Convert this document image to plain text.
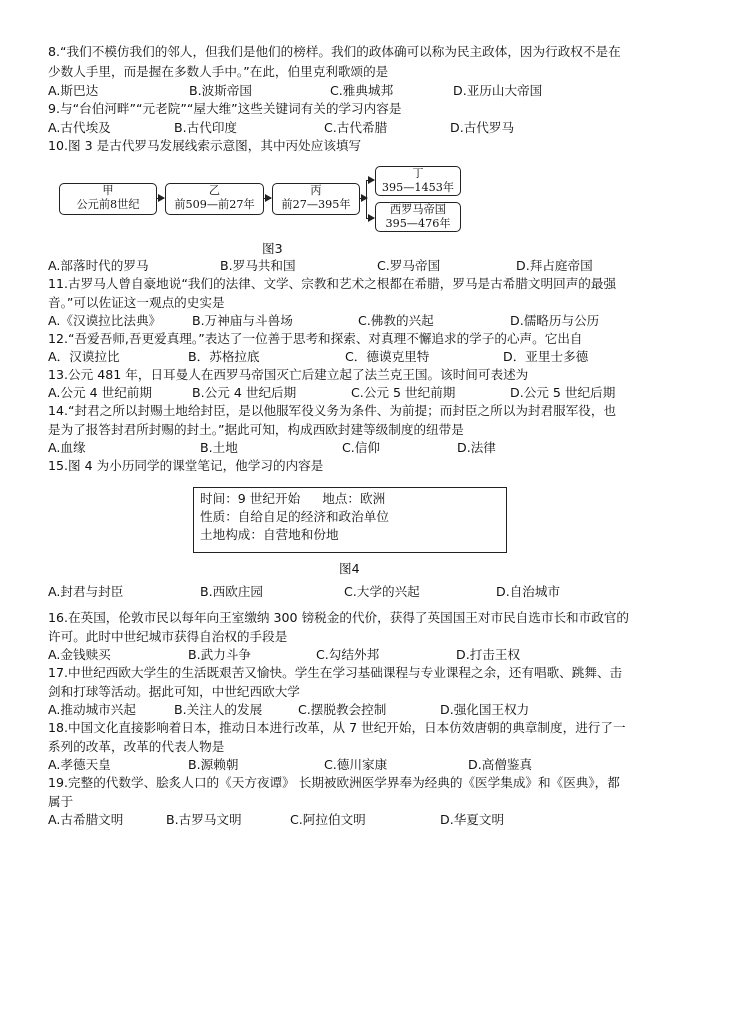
8.“我们不模仿我们的邻人，但我们是他们的榜样。我们的政体确可以称为民主政体，因为行政权不是在
少数人手里，而是握在多数人手中。”在此，伯里克利歌颂的是
A.斯巴达	B.波斯帝国	C.雅典城邦	D.亚历山大帝国
9.与“台伯河畔”“元老院”“屋大维”这些关键词有关的学习内容是
A.古代埃及	B.古代印度	C.古代希腊	D.古代罗马
10.图 3 是古代罗马发展线索示意图，其中丙处应该填写
甲
公元前8世纪
乙
前509—前27年
丙
前27—395年
丁
395—1453年
西罗马帝国
395—476年
图3
A.部落时代的罗马	B.罗马共和国	C.罗马帝国	D.拜占庭帝国
11.古罗马人曾自豪地说“我们的法律、文学、宗教和艺术之根都在希腊，罗马是古希腊文明回声的最强
音。”可以佐证这一观点的史实是
A.《汉谟拉比法典》 B.万神庙与斗兽场	C.佛教的兴起	D.儒略历与公历
12.“吾爱吾师,吾更爱真理。”表达了一位善于思考和探索、对真理不懈追求的学子的心声。它出自
A．汉谟拉比	B．苏格拉底	C．德谟克里特	D．亚里士多德
13.公元 481 年，日耳曼人在西罗马帝国灭亡后建立起了法兰克王国。该时间可表述为
A.公元 4 世纪前期	B.公元 4 世纪后期	C.公元 5 世纪前期	D.公元 5 世纪后期
14.“封君之所以封赐土地给封臣，是以他服军役义务为条件、为前提；而封臣之所以为封君服军役，也
是为了报答封君所封赐的封土。”据此可知，构成西欧封建等级制度的纽带是
A.血缘	B.土地	C.信仰	D.法律
15.图 4 为小历同学的课堂笔记，他学习的内容是
时间：9 世纪开始 地点：欧洲
性质：自给自足的经济和政治单位
土地构成：自营地和份地
图4
A.封君与封臣	B.西欧庄园	C.大学的兴起	D.自治城市
16.在英国，伦敦市民以每年向王室缴纳 300 镑税金的代价，获得了英国国王对市民自选市长和市政官的
许可。此时中世纪城市获得自治权的手段是
A.金钱赎买	B.武力斗争	C.勾结外邦	D.打击王权
17.中世纪西欧大学生的生活既艰苦又愉快。学生在学习基础课程与专业课程之余，还有唱歌、跳舞、击
剑和打球等活动。据此可知，中世纪西欧大学
A.推动城市兴起	B.关注人的发展	C.摆脱教会控制	D.强化国王权力
18.中国文化直接影响着日本，推动日本进行改革，从 7 世纪开始，日本仿效唐朝的典章制度，进行了一
系列的改革，改革的代表人物是
A.孝德天皇	B.源赖朝	C.德川家康	D.高僧鉴真
19.完整的代数学、脍炙人口的《天方夜谭》 长期被欧洲医学界奉为经典的《医学集成》和《医典》，都
属于
A.古希腊文明	B.古罗马文明	C.阿拉伯文明	D.华夏文明
